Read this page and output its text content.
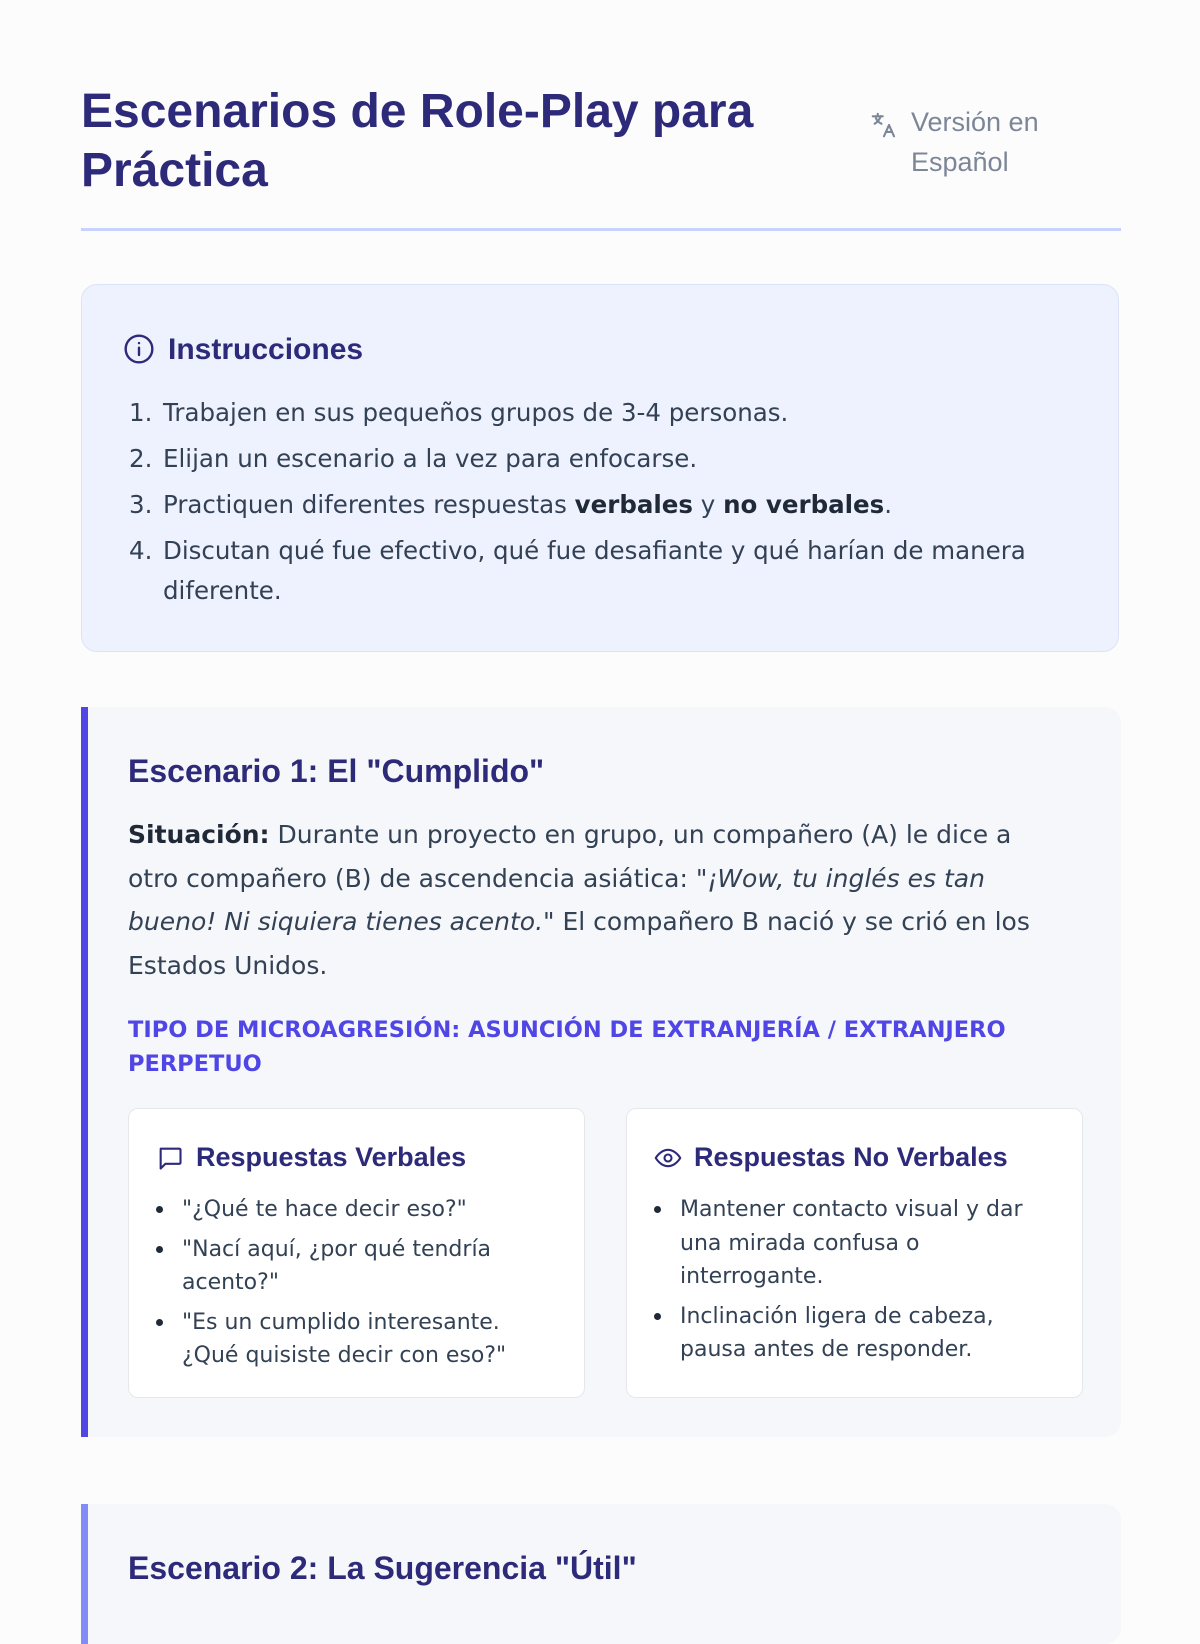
Escenarios de Role-Play para Práctica
Versión en Español
Instrucciones
1. Trabajen en sus pequeños grupos de 3-4 personas.
2. Elijan un escenario a la vez para enfocarse.
3. Practiquen diferentes respuestas verbales y no verbales.
4. Discutan qué fue efectivo, qué fue desafiante y qué harían de manera diferente.
Escenario 1: El "Cumplido"

Situación: Durante un proyecto en grupo, un compañero (A) le dice a otro compañero (B) de ascendencia asiática: "¡Wow, tu inglés es tan bueno! Ni siquiera tienes acento." El compañero B nació y se crió en los Estados Unidos.

TIPO DE MICROAGRESIÓN: ASUNCIÓN DE EXTRANJERÍA / EXTRANJERO PERPETUO

Respuestas Verbales
"¿Qué te hace decir eso?"
"Nací aquí, ¿por qué tendría acento?"
"Es un cumplido interesante. ¿Qué quisiste decir con eso?"
Respuestas No Verbales
Mantener contacto visual y dar una mirada confusa o interrogante.
Inclinación ligera de cabeza, pausa antes de responder.
Escenario 2: La Sugerencia "Útil"
